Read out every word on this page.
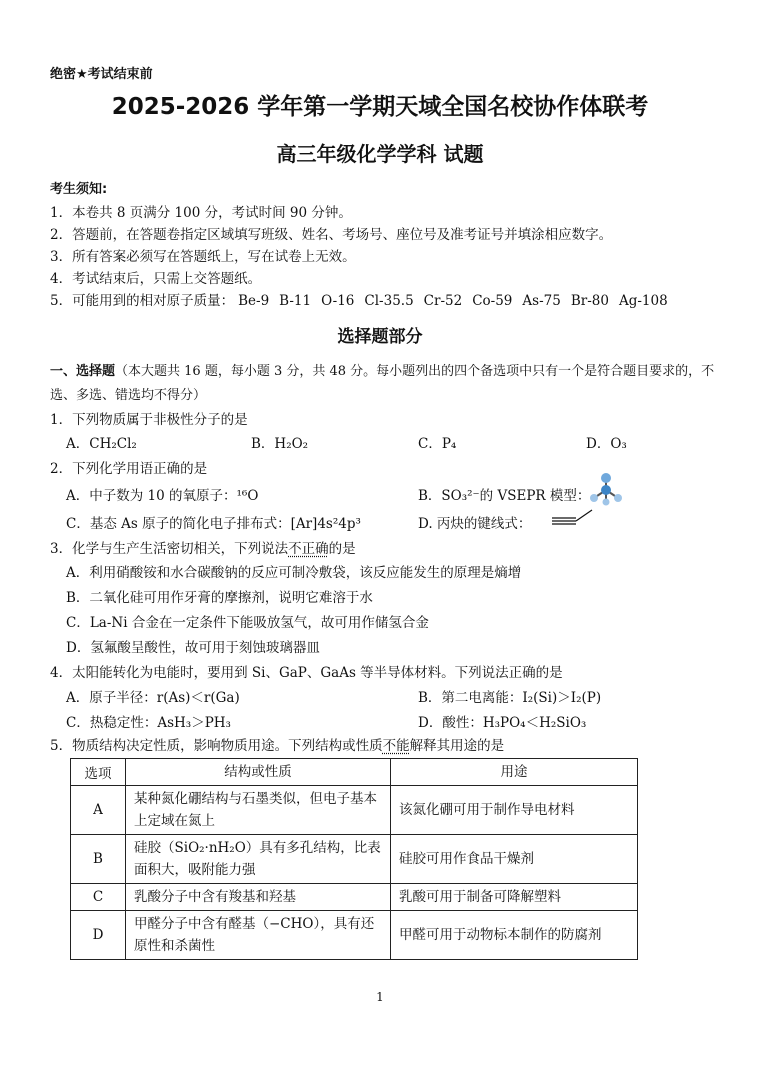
绝密★考试结束前
2025-2026 学年第一学期天域全国名校协作体联考
高三年级化学学科 试题
考生须知:
1．本卷共 8 页满分 100 分，考试时间 90 分钟。
2．答题前，在答题卷指定区域填写班级、姓名、考场号、座位号及准考证号并填涂相应数字。
3．所有答案必须写在答题纸上，写在试卷上无效。
4．考试结束后，只需上交答题纸。
5．可能用到的相对原子质量： Be-9 B-11 O-16 Cl-35.5 Cr-52 Co-59 As-75 Br-80 Ag-108
选择题部分
一、选择题（本大题共 16 题，每小题 3 分，共 48 分。每小题列出的四个备选项中只有一个是符合题目要求的，不选、多选、错选均不得分）
1．下列物质属于非极性分子的是
A．CH₂Cl₂	B．H₂O₂	C．P₄	D．O₃
2．下列化学用语正确的是
A．中子数为 10 的氧原子：¹⁶O	B．SO₃²⁻的 VSEPR 模型：
C．基态 As 原子的简化电子排布式：[Ar]4s²4p³	D. 丙炔的键线式：
3．化学与生产生活密切相关，下列说法不正确的是
A．利用硝酸铵和水合碳酸钠的反应可制冷敷袋，该反应能发生的原理是熵增
B．二氧化硅可用作牙膏的摩擦剂，说明它难溶于水
C．La-Ni 合金在一定条件下能吸放氢气，故可用作储氢合金
D．氢氟酸呈酸性，故可用于刻蚀玻璃器皿
4．太阳能转化为电能时，要用到 Si、GaP、GaAs 等半导体材料。下列说法正确的是
A．原子半径：r(As)＜r(Ga)	B．第二电离能：I₂(Si)＞I₂(P)
C．热稳定性：AsH₃＞PH₃	D．酸性：H₃PO₄＜H₂SiO₃
5．物质结构决定性质，影响物质用途。下列结构或性质不能解释其用途的是
选项	结构或性质	用途
A	某种氮化硼结构与石墨类似，但电子基本上定域在氮上	该氮化硼可用于制作导电材料
B	硅胶（SiO₂·nH₂O）具有多孔结构，比表面积大，吸附能力强	硅胶可用作食品干燥剂
C	乳酸分子中含有羧基和羟基	乳酸可用于制备可降解塑料
D	甲醛分子中含有醛基（−CHO），具有还原性和杀菌性	甲醛可用于动物标本制作的防腐剂
1
